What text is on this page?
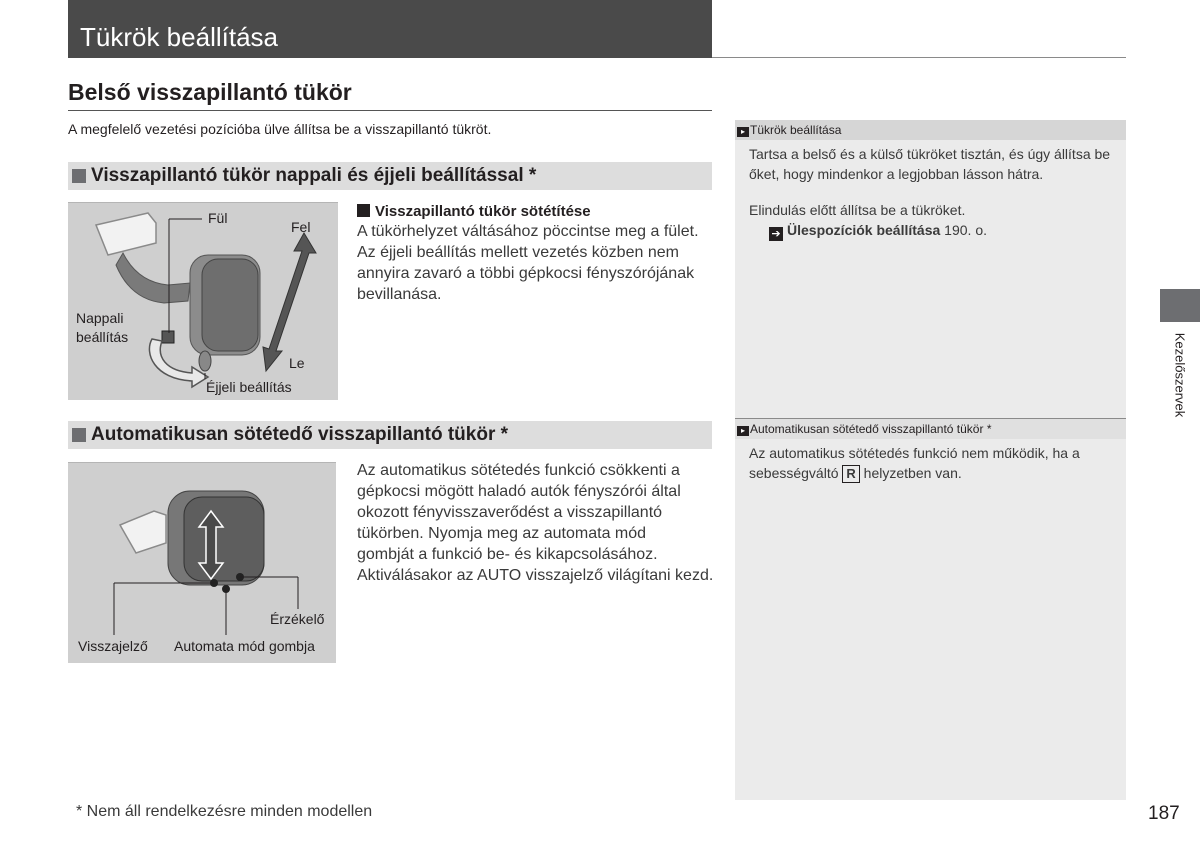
Tükrök beállítása
Belső visszapillantó tükör
A megfelelő vezetési pozícióba ülve állítsa be a visszapillantó tükröt.
Visszapillantó tükör nappali és éjjeli beállítással *
Fül
Fel
Le
Nappali
beállítás
Éjjeli beállítás
Visszapillantó tükör sötétítése
A tükörhelyzet váltásához pöccintse meg a fület.
Az éjjeli beállítás mellett vezetés közben nem
annyira zavaró a többi gépkocsi fényszórójának
bevillanása.
Automatikusan sötétedő visszapillantó tükör *
Érzékelő
Visszajelző Automata mód gombja
Az automatikus sötétedés funkció csökkenti a
gépkocsi mögött haladó autók fényszórói által
okozott fényvisszaverődést a visszapillantó
tükörben. Nyomja meg az automata mód
gombját a funkció be- és kikapcsolásához.
Aktiválásakor az AUTO visszajelző világítani kezd.
▸ Tükrök beállítása
Tartsa a belső és a külső tükröket tisztán, és úgy állítsa be
őket, hogy mindenkor a legjobban lásson hátra.
Elindulás előtt állítsa be a tükröket.
➔ Ülespozíciók beállítása 190. o.
▸ Automatikusan sötétedő visszapillantó tükör *
Az automatikus sötétedés funkció nem működik, ha a
sebességváltó R helyzetben van.
Kezelőszervek
* Nem áll rendelkezésre minden modellen	187
